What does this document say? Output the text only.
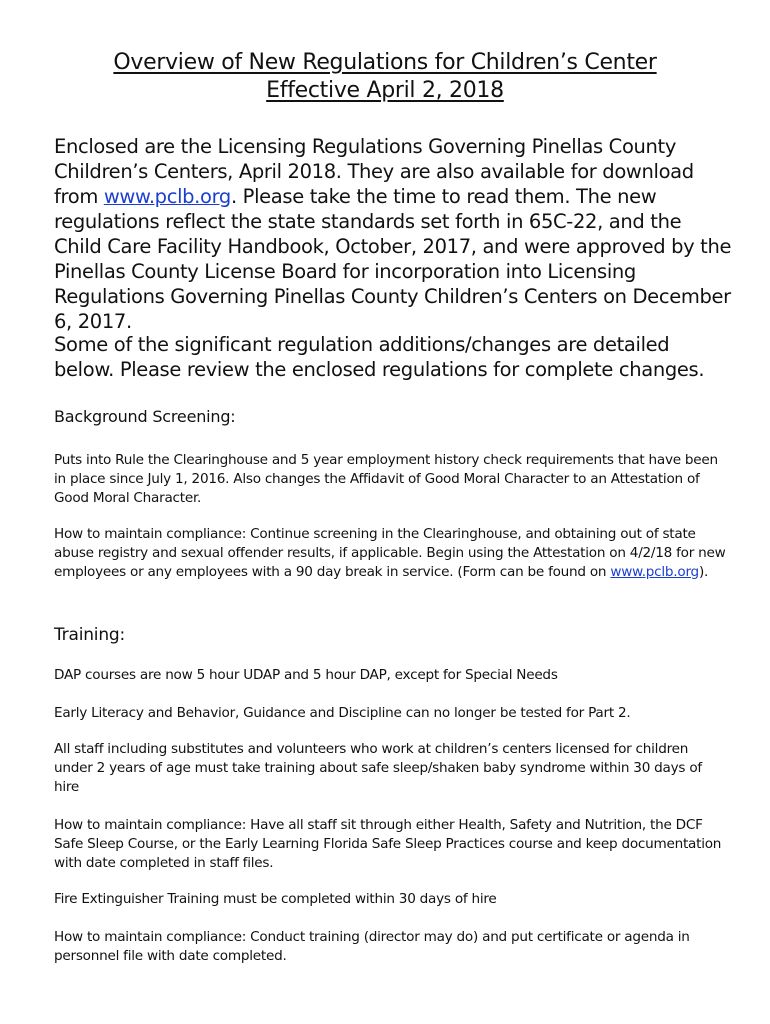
Overview of New Regulations for Children’s Center
Effective April 2, 2018

Enclosed are the Licensing Regulations Governing Pinellas County Children’s Centers, April 2018. They are also available for download from www.pclb.org. Please take the time to read them. The new regulations reflect the state standards set forth in 65C-22, and the Child Care Facility Handbook, October, 2017, and were approved by the Pinellas County License Board for incorporation into Licensing Regulations Governing Pinellas County Children’s Centers on December 6, 2017.

Some of the significant regulation additions/changes are detailed below. Please review the enclosed regulations for complete changes.

Background Screening:

Puts into Rule the Clearinghouse and 5 year employment history check requirements that have been in place since July 1, 2016. Also changes the Affidavit of Good Moral Character to an Attestation of Good Moral Character.

How to maintain compliance: Continue screening in the Clearinghouse, and obtaining out of state abuse registry and sexual offender results, if applicable. Begin using the Attestation on 4/2/18 for new employees or any employees with a 90 day break in service. (Form can be found on www.pclb.org).

Training:

DAP courses are now 5 hour UDAP and 5 hour DAP, except for Special Needs

Early Literacy and Behavior, Guidance and Discipline can no longer be tested for Part 2.

All staff including substitutes and volunteers who work at children’s centers licensed for children under 2 years of age must take training about safe sleep/shaken baby syndrome within 30 days of hire

How to maintain compliance: Have all staff sit through either Health, Safety and Nutrition, the DCF Safe Sleep Course, or the Early Learning Florida Safe Sleep Practices course and keep documentation with date completed in staff files.

Fire Extinguisher Training must be completed within 30 days of hire

How to maintain compliance: Conduct training (director may do) and put certificate or agenda in personnel file with date completed.
